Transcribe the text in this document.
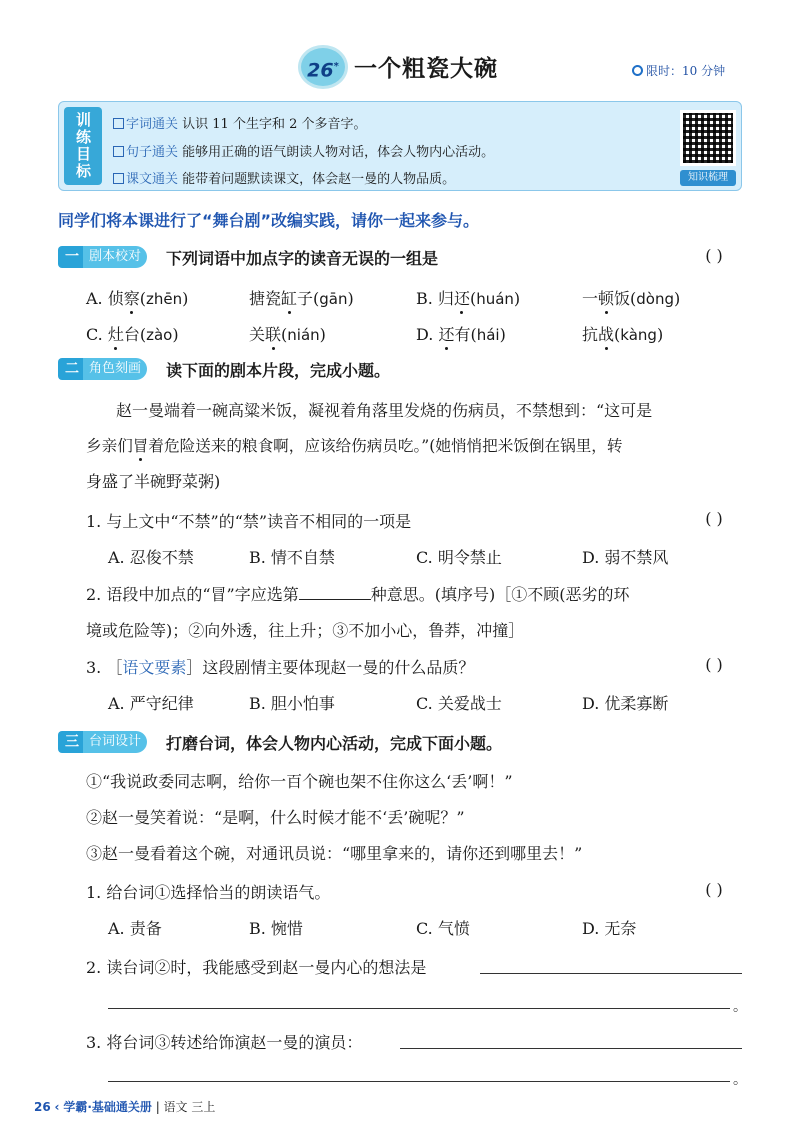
26* 一个粗瓷大碗	限时：10 分钟
训练目标	字词通关 认识 11 个生字和 2 个多音字。
句子通关 能够用正确的语气朗读人物对话，体会人物内心活动。
课文通关 能带着问题默读课文，体会赵一曼的人物品质。	知识梳理
同学们将本课进行了“舞台剧”改编实践，请你一起来参与。
一 剧本校对	下列词语中加点字的读音无误的一组是	( )
A. 侦察(zhēn)	搪瓷缸子(gān)	B. 归还(huán)	一顿饭(dòng)
C. 灶台(zào)	关联(nián)	D. 还有(hái)	抗战(kàng)
二 角色刻画	读下面的剧本片段，完成小题。
赵一曼端着一碗高粱米饭，凝视着角落里发烧的伤病员，不禁想到：“这可是
乡亲们冒着危险送来的粮食啊，应该给伤病员吃。”(她悄悄把米饭倒在锅里，转
身盛了半碗野菜粥)
1. 与上文中“不禁”的“禁”读音不相同的一项是	( )
A. 忍俊不禁	B. 情不自禁	C. 明令禁止	D. 弱不禁风
2. 语段中加点的“冒”字应选第	种意思。(填序号)［①不顾(恶劣的环
境或危险等)；②向外透，往上升；③不加小心，鲁莽，冲撞］
3. ［语文要素］这段剧情主要体现赵一曼的什么品质？	( )
A. 严守纪律	B. 胆小怕事	C. 关爱战士	D. 优柔寡断
三 台词设计	打磨台词，体会人物内心活动，完成下面小题。
①“我说政委同志啊，给你一百个碗也架不住你这么‘丢’啊！”
②赵一曼笑着说：“是啊，什么时候才能不‘丢’碗呢？”
③赵一曼看着这个碗，对通讯员说：“哪里拿来的，请你还到哪里去！”
1. 给台词①选择恰当的朗读语气。	( )
A. 责备	B. 惋惜	C. 气愤	D. 无奈
2. 读台词②时，我能感受到赵一曼内心的想法是
。
3. 将台词③转述给饰演赵一曼的演员：
。
26 ‹ 学霸·基础通关册 | 语文 三上
